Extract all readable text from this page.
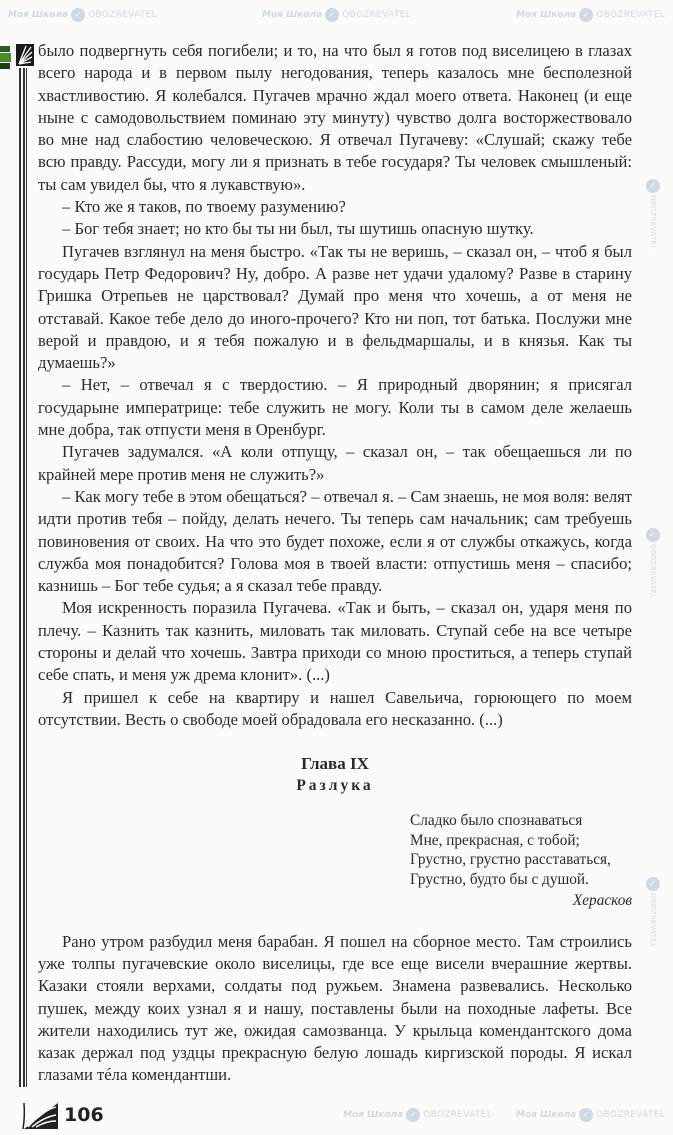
Моя Школа ✓ OBOZREVATEL	Моя Школа ✓ OBOZREVATEL	Моя Школа ✓ OBOZREVATEL

было подвергнуть себя погибели; и то, на что был я готов под виселицею в глазах всего народа и в первом пылу негодования, теперь казалось мне бесполезной хвастливостию. Я колебался. Пугачев мрачно ждал моего ответа. Наконец (и еще ныне с самодовольствием поминаю эту минуту) чувство долга восторжествовало во мне над слабостию человеческою. Я отвечал Пугачеву: «Слушай; скажу тебе всю правду. Рассуди, могу ли я признать в тебе государя? Ты человек смышленый: ты сам увидел бы, что я лукавствую».

– Кто же я таков, по твоему разумению?

– Бог тебя знает; но кто бы ты ни был, ты шутишь опасную шутку.

Пугачев взглянул на меня быстро. «Так ты не веришь, – сказал он, – чтоб я был государь Петр Федорович? Ну, добро. А разве нет удачи удалому? Разве в старину Гришка Отрепьев не царствовал? Думай про меня что хочешь, а от меня не отставай. Какое тебе дело до иного-прочего? Кто ни поп, тот батька. Послужи мне верой и правдою, и я тебя пожалую и в фельдмаршалы, и в князья. Как ты думаешь?»

– Нет, – отвечал я с твердостию. – Я природный дворянин; я присягал государыне императрице: тебе служить не могу. Коли ты в самом деле желаешь мне добра, так отпусти меня в Оренбург.

Пугачев задумался. «А коли отпущу, – сказал он, – так обещаешься ли по крайней мере против меня не служить?»

– Как могу тебе в этом обещаться? – отвечал я. – Сам знаешь, не моя воля: велят идти против тебя – пойду, делать нечего. Ты теперь сам начальник; сам требуешь повиновения от своих. На что это будет похоже, если я от службы откажусь, когда служба моя понадобится? Голова моя в твоей власти: отпустишь меня – спасибо; казнишь – Бог тебе судья; а я сказал тебе правду.

Моя искренность поразила Пугачева. «Так и быть, – сказал он, ударя меня по плечу. – Казнить так казнить, миловать так миловать. Ступай себе на все четыре стороны и делай что хочешь. Завтра приходи со мною проститься, а теперь ступай себе спать, и меня уж дрема клонит». (...)

Я пришел к себе на квартиру и нашел Савельича, горюющего по моем отсутствии. Весть о свободе моей обрадовала его несказанно. (...)

Глава IX
Разлука
Сладко было спознаваться
Мне, прекрасная, с тобой;
Грустно, грустно расставаться,
Грустно, будто бы с душой.
Херасков

Рано утром разбудил меня барабан. Я пошел на сборное место. Там строились уже толпы пугачевские около виселицы, где все еще висели вчерашние жертвы. Казаки стояли верхами, солдаты под ружьем. Знамена развевались. Несколько пушек, между коих узнал я и нашу, поставлены были на походные лафеты. Все жители находились тут же, ожидая самозванца. У крыльца комендантского дома казак держал под уздцы прекрасную белую лошадь киргизской породы. Я искал глазами тéла комендантши.

✓
OBOZREVATEL
✓
OBOZREVATEL
✓
OBOZREVATEL
106	Моя Школа ✓ OBOZREVATEL	Моя Школа ✓ OBOZREVATEL
